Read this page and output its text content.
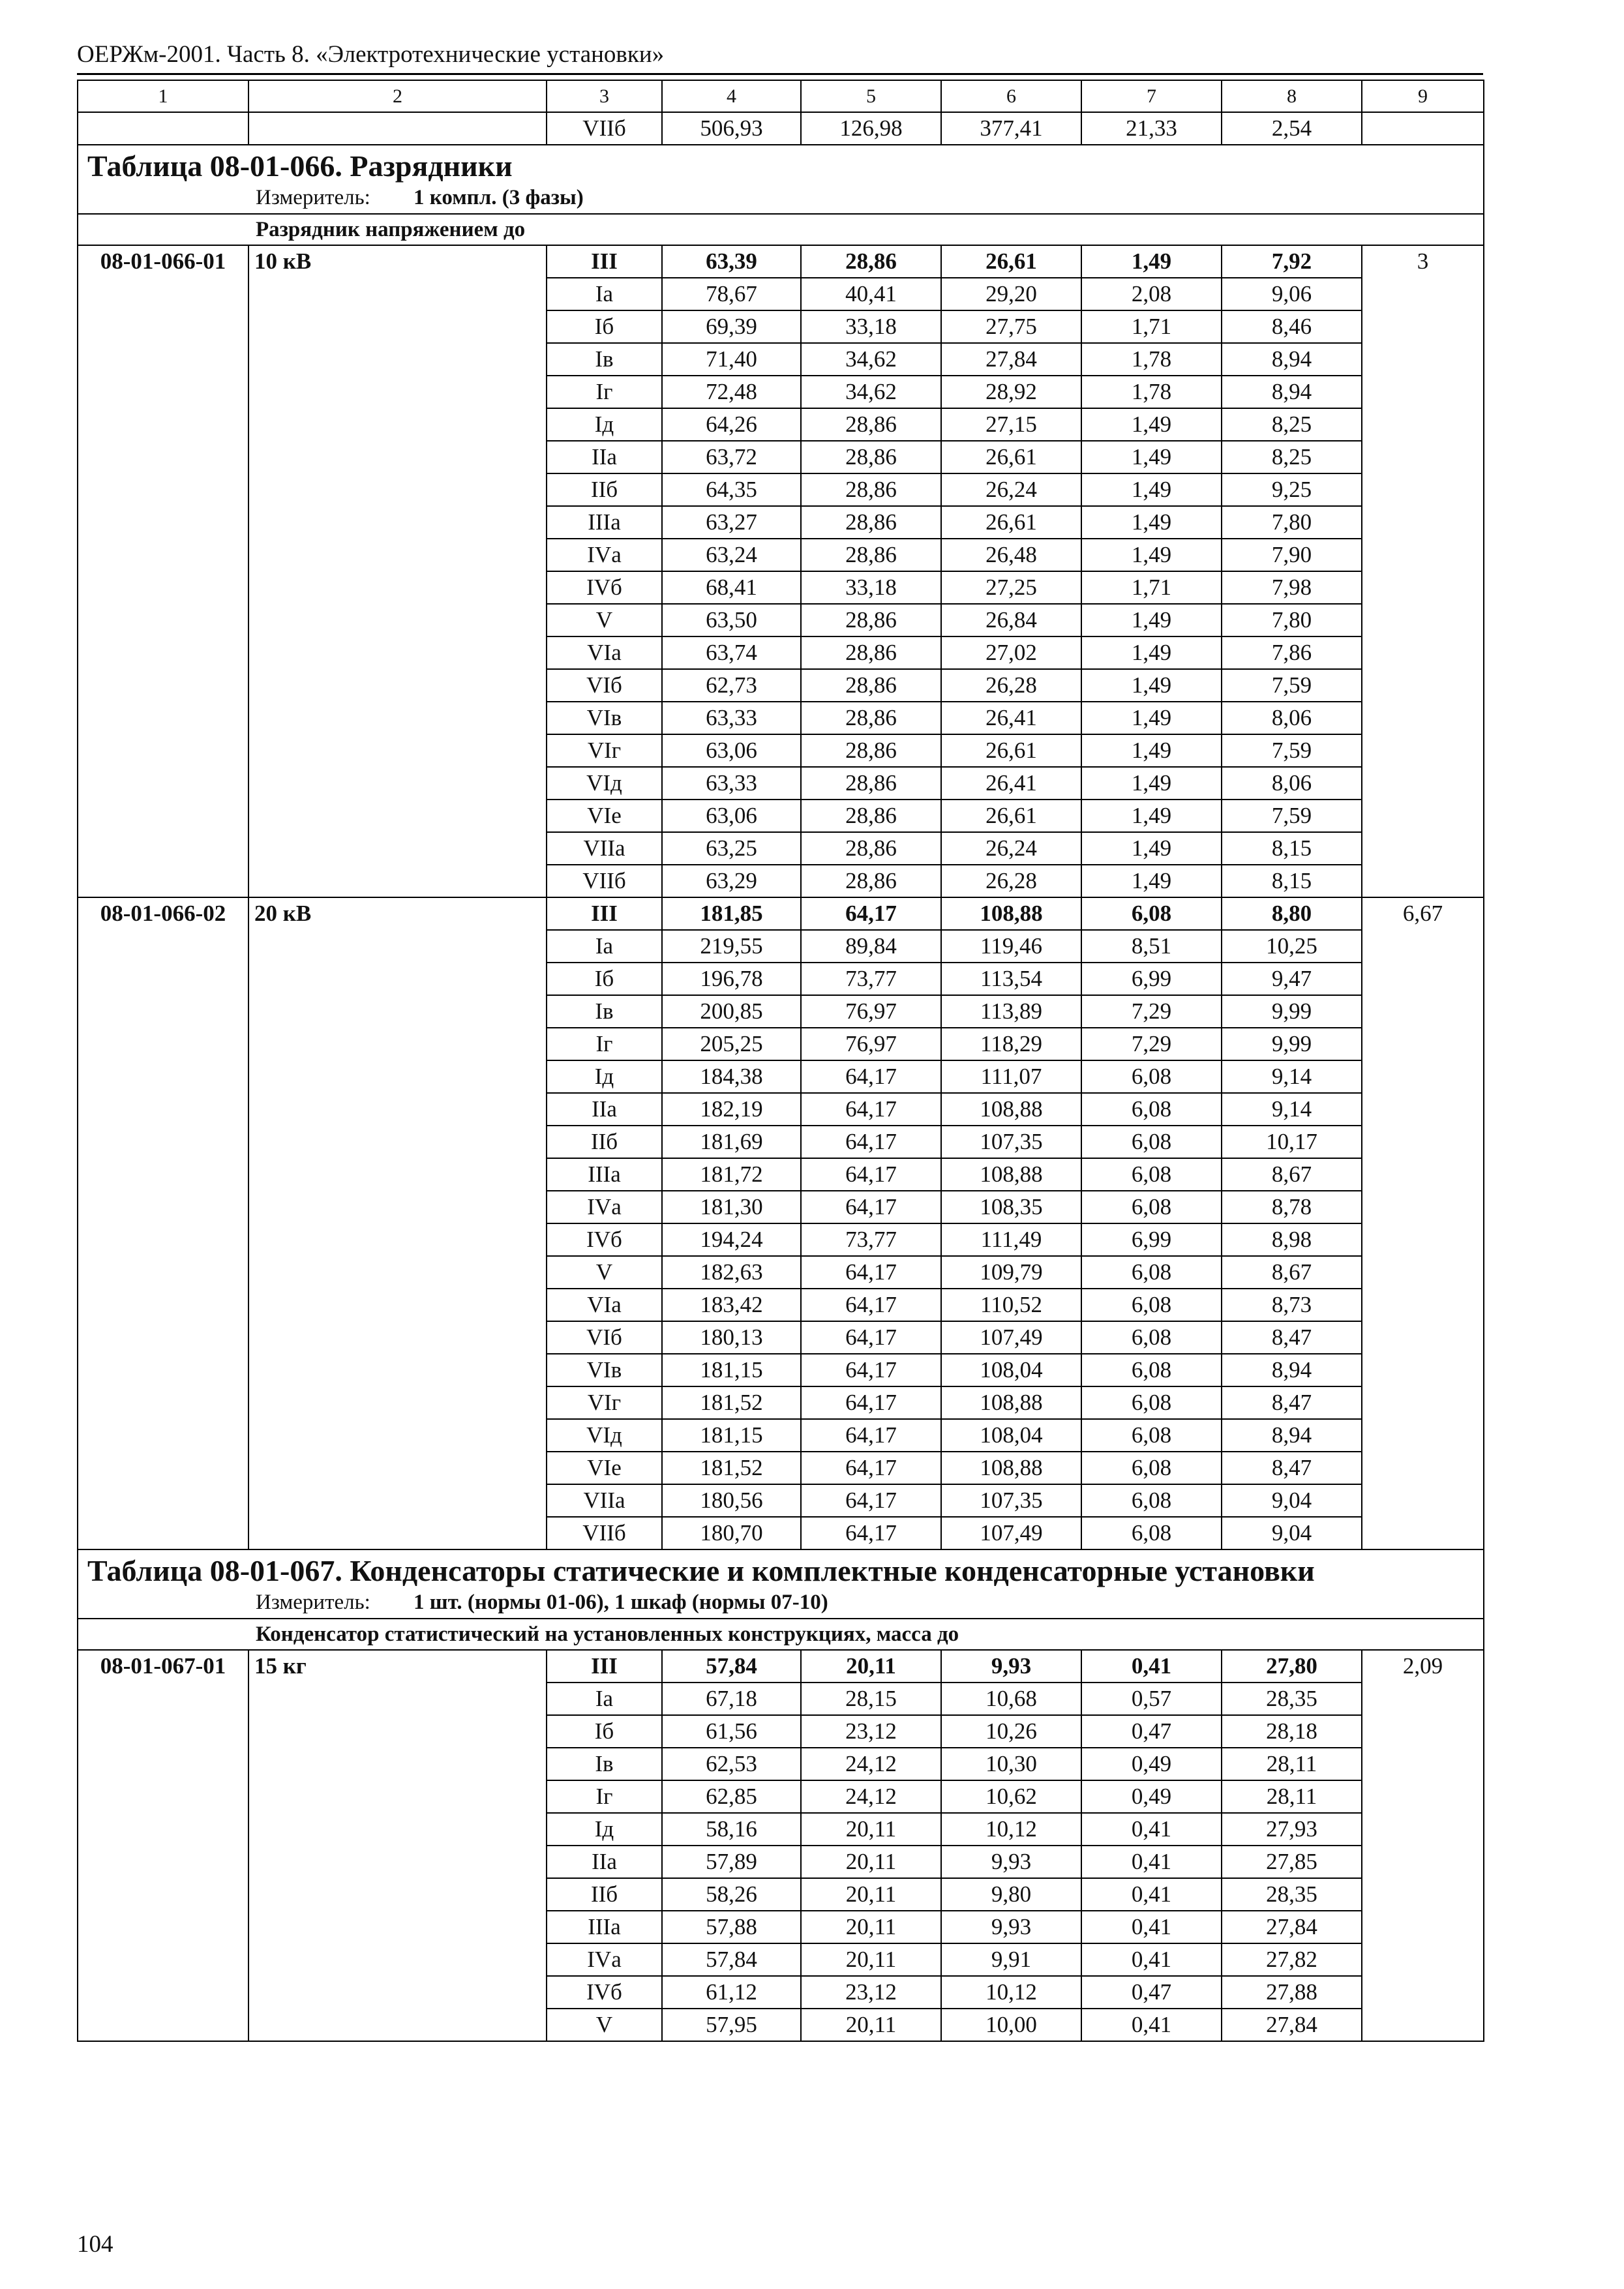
ОЕРЖм-2001. Часть 8. «Электротехнические установки»
1	2	3	4	5	6	7	8	9
		VIIб	506,93	126,98	377,41	21,33	2,54	

Таблица 08-01-066. Разрядники
Измеритель: 1 компл. (3 фазы)								

Разрядник напряжением до								
08-01-066-01	10 кВ	III	63,39	28,86	26,61	1,49	7,92	3
		Iа	78,67	40,41	29,20	2,08	9,06	
		Iб	69,39	33,18	27,75	1,71	8,46	
		Iв	71,40	34,62	27,84	1,78	8,94	
		Iг	72,48	34,62	28,92	1,78	8,94	
		Iд	64,26	28,86	27,15	1,49	8,25	
		IIа	63,72	28,86	26,61	1,49	8,25	
		IIб	64,35	28,86	26,24	1,49	9,25	
		IIIа	63,27	28,86	26,61	1,49	7,80	
		IVа	63,24	28,86	26,48	1,49	7,90	
		IVб	68,41	33,18	27,25	1,71	7,98	
		V	63,50	28,86	26,84	1,49	7,80	
		VIа	63,74	28,86	27,02	1,49	7,86	
		VIб	62,73	28,86	26,28	1,49	7,59	
		VIв	63,33	28,86	26,41	1,49	8,06	
		VIг	63,06	28,86	26,61	1,49	7,59	
		VIд	63,33	28,86	26,41	1,49	8,06	
		VIе	63,06	28,86	26,61	1,49	7,59	
		VIIа	63,25	28,86	26,24	1,49	8,15	
		VIIб	63,29	28,86	26,28	1,49	8,15	
08-01-066-02	20 кВ	III	181,85	64,17	108,88	6,08	8,80	6,67
		Iа	219,55	89,84	119,46	8,51	10,25	
		Iб	196,78	73,77	113,54	6,99	9,47	
		Iв	200,85	76,97	113,89	7,29	9,99	
		Iг	205,25	76,97	118,29	7,29	9,99	
		Iд	184,38	64,17	111,07	6,08	9,14	
		IIа	182,19	64,17	108,88	6,08	9,14	
		IIб	181,69	64,17	107,35	6,08	10,17	
		IIIа	181,72	64,17	108,88	6,08	8,67	
		IVа	181,30	64,17	108,35	6,08	8,78	
		IVб	194,24	73,77	111,49	6,99	8,98	
		V	182,63	64,17	109,79	6,08	8,67	
		VIа	183,42	64,17	110,52	6,08	8,73	
		VIб	180,13	64,17	107,49	6,08	8,47	
		VIв	181,15	64,17	108,04	6,08	8,94	
		VIг	181,52	64,17	108,88	6,08	8,47	
		VIд	181,15	64,17	108,04	6,08	8,94	
		VIе	181,52	64,17	108,88	6,08	8,47	
		VIIа	180,56	64,17	107,35	6,08	9,04	
		VIIб	180,70	64,17	107,49	6,08	9,04	

Таблица 08-01-067. Конденсаторы статические и комплектные конденсаторные установки
Измеритель: 1 шт. (нормы 01-06), 1 шкаф (нормы 07-10)								

Конденсатор статистический на установленных конструкциях, масса до								
08-01-067-01	15 кг	III	57,84	20,11	9,93	0,41	27,80	2,09
		Iа	67,18	28,15	10,68	0,57	28,35	
		Iб	61,56	23,12	10,26	0,47	28,18	
		Iв	62,53	24,12	10,30	0,49	28,11	
		Iг	62,85	24,12	10,62	0,49	28,11	
		Iд	58,16	20,11	10,12	0,41	27,93	
		IIа	57,89	20,11	9,93	0,41	27,85	
		IIб	58,26	20,11	9,80	0,41	28,35	
		IIIа	57,88	20,11	9,93	0,41	27,84	
		IVа	57,84	20,11	9,91	0,41	27,82	
		IVб	61,12	23,12	10,12	0,47	27,88	
		V	57,95	20,11	10,00	0,41	27,84	
104
